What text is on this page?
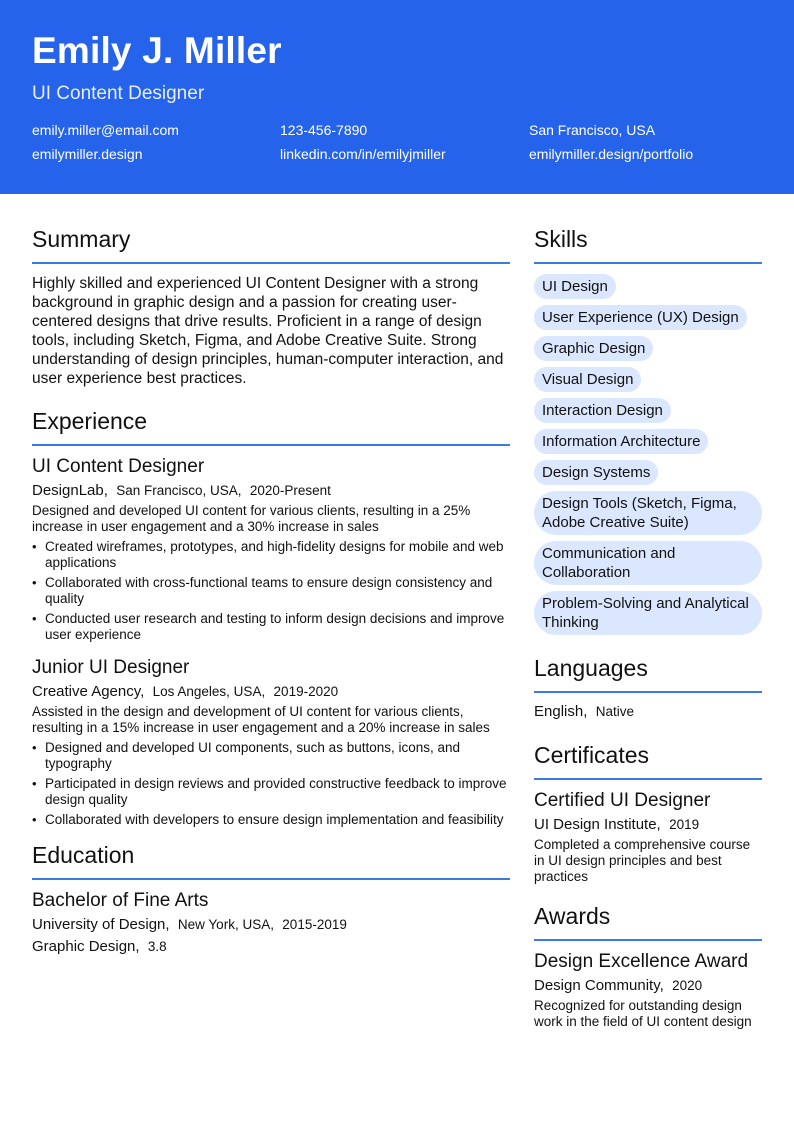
Emily J. Miller
UI Content Designer
emily.miller@email.com	123-456-7890	San Francisco, USA
emilymiller.design	linkedin.com/in/emilyjmiller	emilymiller.design/portfolio
Summary

Highly skilled and experienced UI Content Designer with a strong background in graphic design and a passion for creating user-centered designs that drive results. Proficient in a range of design tools, including Sketch, Figma, and Adobe Creative Suite. Strong understanding of design principles, human-computer interaction, and user experience best practices.

Experience
UI Content Designer
DesignLab, San Francisco, USA, 2020-Present
Designed and developed UI content for various clients, resulting in a 25% increase in user engagement and a 30% increase in sales
• Created wireframes, prototypes, and high-fidelity designs for mobile and web applications
• Collaborated with cross-functional teams to ensure design consistency and quality
• Conducted user research and testing to inform design decisions and improve user experience
Junior UI Designer
Creative Agency, Los Angeles, USA, 2019-2020
Assisted in the design and development of UI content for various clients, resulting in a 15% increase in user engagement and a 20% increase in sales
• Designed and developed UI components, such as buttons, icons, and typography
• Participated in design reviews and provided constructive feedback to improve design quality
• Collaborated with developers to ensure design implementation and feasibility
Education
Bachelor of Fine Arts
University of Design, New York, USA, 2015-2019
Graphic Design, 3.8
Skills
UI Design
User Experience (UX) Design
Graphic Design
Visual Design
Interaction Design
Information Architecture
Design Systems
Design Tools (Sketch, Figma, Adobe Creative Suite)
Communication and Collaboration
Problem-Solving and Analytical Thinking
Languages
English, Native
Certificates
Certified UI Designer
UI Design Institute, 2019
Completed a comprehensive course in UI design principles and best practices
Awards
Design Excellence Award
Design Community, 2020
Recognized for outstanding design work in the field of UI content design
